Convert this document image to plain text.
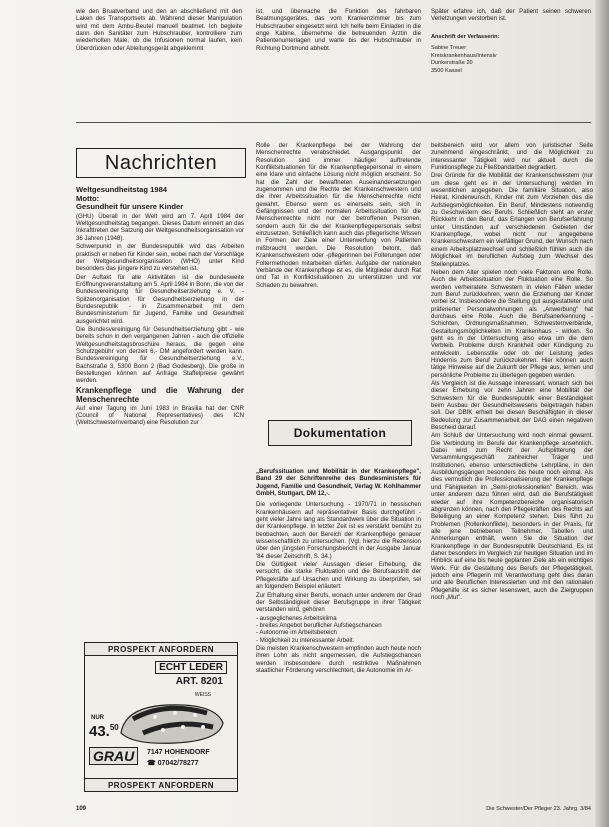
wie den Bruatverband und den an abschließend mit den Laken des Transportsets ab. Während dieser Manipulation wird mit dem Ambu-Beutel manuell beatmet. Ich begleite dann den Sanitäter zum Hubschrauber, kontrolliere zum wiederholten Male, ob die Infusionen normal laufen, kein Überdrücken oder Ableitungsgerät abgeklemmt

ist, und überwache die Funktion des fahrbaren Beatmungsgerätes, das vom Krankenzimmer bis zum Hubschrauber eingesetzt wird. Ich helfe beim Einladen in die enge Kabine, übernehme die betreuenden Ärztin die Patientenunterlagen und warte bis der Hubschrauber in Richtung Dortmund abhebt.

Später erfahre ich, daß der Patient seinen schweren Verletzungen verstorben ist.

Anschrift der Verfasserin:

Sabine Treuer

Kreiskrankenhaus/Intensiv

Dunkerstraße 20

3500 Kassel

Nachrichten

Weltgesundheitstag 1984
Motto:
Gesundheit für unsere Kinder

(GHU) Überall in der Welt wird am 7. April 1984 der Weltgesundheitstag begangen. Dieses Datum erinnert an das Inkrafttreten der Satzung der Weltgesundheitsorganisation vor 36 Jahren (1948).

Schwerpunkt in der Bundesrepublik wird das Arbeiten praktisch er neben für Kinder sein, wobei nach der Vorschläge der Weltgesundheitsorganisation (WHO) unter Kind besonders das jüngere Kind zu verstehen ist.

Der Auftakt für alle Aktivitäten ist die bundesweite Eröffnungsveranstaltung am 5. April 1984 in Bonn, die von der Bundesvereinigung für Gesundheitserziehung e. V. - Spitzenorganisation für Gesundheitserziehung in der Bundesrepublik - in Zusammenarbeit mit dem Bundesministerium für Jugend, Familie und Gesundheit ausgerichtet wird.

Die Bundesvereinigung für Gesundheitserziehung gibt - wie bereits schon in den vergangenen Jahren - auch die offizielle Weltgesundheitstagsbroschüre heraus, die gegen eine Schutzgebühr von derzeit 6,- DM angefordert werden kann. Bundesvereinigung für Gesundheitserziehung e.V., Bachstraße 3, 5300 Bonn 2 (Bad Godesberg). Die große in Bestellungen können auf Anfrage Staffelpreise gewährt werden.

Krankenpflege und die Wahrung der Menschenrechte

Auf einer Tagung im Juni 1983 in Brasilia hat der CNR (Council of National Representatives) des ICN (Weltschwesternverband) eine Resolution zur

PROSPEKT ANFORDERN
ECHT LEDER
ART. 8201
WEISS
NUR
43.50
GRAU	7147 HOHENDORF
☎ 07042/78277
PROSPEKT ANFORDERN

Rolle der Krankenpflege bei der Wahrung der Menschenrechte verabschiedet. Ausgangspunkt der Resolution sind immer häufiger auftretende Konfliktsituationen für die Krankenpflegepersonal in einem eine klare und einfache Lösung nicht möglich erscheint. So hat die Zahl der bewaffneten Auseinandersetzungen zugenommen und die Rechte der Krankenschwestern und die ihrer Arbeitssituation für die Menschenrechte nicht gewahrt. Ebenso wenn es einerseits sein, sich in Gefängnissen und der normalen Arbeitssituation für die Menschenrechte nicht nur der betroffenen Personen, sondern auch für die der Krankenpflegepersonals selbst einzusetzen. Schließlich kann auch das pflegerische Wissen in Formen der Ziele einer Unterwerfung von Patienten mißbraucht werden. Die Resolution betont, daß Krankenschwestern oder -pflegerinnen bei Folterungen oder Foltermethoden mitarbeiten dürfen. Aufgabe der nationalen Verbände der Krankenpflege ist es, die Mitglieder durch Rat und Tat in Konfliktsituationen zu unterstützen und vor Schaden zu bewahren.

Dokumentation

„Berufssituation und Mobilität in der Krankenpflege", Band 29 der Schriftenreihe des Bundesministers für Jugend, Familie und Gesundheit, Verlag W. Kohlhammer GmbH, Stuttgart, DM 12,-.

Die vorliegende Untersuchung - 1970/71 in hessischen Krankenhäusern auf repräsentativer Basis durchgeführt - geht vieler Jahre lang als Standardwerk über die Situation in der Krankenpflege. In letzter Zeit ist es verstärkt bemüht zu beobachten, auch der Bereich der Krankenpflege genauer wissenschaftlich zu untersuchen. (Vgl. hierzu die Rezension über den jüngsten Forschungsbericht in der Ausgabe Januar '84 dieser Zeitschrift, S. 34.)

Die Gültigkeit vieler Aussagen dieser Erhebung, die versucht, die starke Fluktuation und die Berufsaustritt der Pflegekräfte auf Ursachen und Wirkung zu überprüfen, sei an folgendem Beispiel erläutert:

Zur Erhaltung einer Berufs, wonach unter anderem der Grad der Selbständigkeit dieser Berufsgruppe in ihrer Tätigkeit verstanden wird, gehören

- ausgeglichenes Arbeitsklima
- breites Angebot beruflicher Aufstiegschancen
- Autonomie im Arbeitsbereich
- Möglichkeit zu interessanter Arbeit.

Die meisten Krankenschwestern empfinden auch heute noch ihren Lohn als nicht angemessen, die Aufstiegschancen werden insbesondere durch restriktive Maßnahmen staatlicher Förderung verschlechtert, die Autonomie im Ar-

beitsbereich wird vor allem von juristischer Seite zunehmend eingeschränkt, und die Möglichkeit zu interessanter Tätigkeit wird nur aktuell durch die Funktionspflege zu Fließbandarbeit degradiert.

Drei Gründe für die Mobilität der Krankenschwestern (nur um diese geht es in der Untersuchung) werden im wesentlichen angegeben. Die familiäre Situation, also Heirat, Kinderwunsch, Kinder mit zum Vorziehen des die Aufstiegsmöglichkeiten. Ein Beruf, Mindestens notwendig zu Geschwistern des Berufs. Schließlich steht an erster Rückkehr in den Beruf, das Erlangen von Berufserfahrung unter Umständen auf verschiedenen Gebieten der Krankenpflege, wobei nicht nur angegebene Krankenschwestern ein vielfältiger Grund, der Wunsch nach einem Arbeitsplatzwechsel und schließlich fühlen auch die Möglichkeit im beruflichen Aufstieg zum Wechsel des Stellenplatzes.

Neben dem Alter spielen noch viele Faktoren eine Rolle. Auch die Arbeitssituation der Fluktuation eine Rolle. So werden verheiratete Schwestern in vielen Fällen wieder zum Beruf zurückkehren, wenn die Erziehung der Kinder vorbei ist. Insbesondere die Stellung gut ausgestatteter und präferierter Personalwohnungen als „Anwerbung" hat durchaus eine Rolle. Auch die Berufsanerkennung - Schichten, Ordnungsmaßnahmen, Schwesternverbände, Gestaltungsmöglichkeiten im Krankenhaus - wirken. So geht es in der Untersuchung also etwa um die dem Verbleib. Probleme durch Krankheit oder Kündigung zu entwickeln. Lebensstile oder ob der Leistung jedes Hindernis zum Beruf zurückzukehren. Hier können auch tätige Hinweise auf die Zukunft der Pflege aus, lernen und persönliche Probleme zu überlegen gegeben werden.

Als Vergleich ist die Aussage interessant, wonach sich bei dieser Erhebung vor zehn Jahren eine Mobilität der Schwestern für die Bundesrepublik einer Beständigkeit beim Ausbau der Gesundheitswesens beigetragen haben soll. Der DBfK erhielt bei diesen Beschäftigten in dieser Bedeutung zur Zusammenarbeit der DAG einen negativen Bescheid darauf.

Am Schluß der Untersuchung wird noch einmal gewarnt. Die Verbindung im Berufe der Krankenpflege ansehnlich. Dabei wird zum Recht der Aufsplitterung der Versammlungsgeschäft zahlreicher Träger und Institutionen, ebenso unterschiedliche Lehrpläne, in den Ausbildungsgängen besonders bis heute noch einmal. Als dies vermutlich die Professionalisierung der Krankenpflege und Fähigkeiten im „Semi-professionellen" Bereich, was unter anderem dazu führen wird, daß die Berufstätigkeit wieder auf ihre Kompetenzbereiche organisatorisch abgrenzen können, nach den Pflegekräften des Rechts auf Beteiligung an einer Kompetenz stehen. Dies führt zu Problemen (Rollenkonflikte), besonders in der Praxis, für alle jene betriebenen Teilnehmer, Tabellen und Anmerkungen enthält, wenn Sie die Situation der Krankenpflege in der Bundesrepublik Deutschland. Es ist daher besonders im Vergleich zur heutigen Situation und im Hinblick auf eine bis heute geplanten Ziele als ein wichtiges Werk. Für die Gestaltung des Berufs der Pflegetätigkeit, jedoch eine Pflegerin mit Verantwortung geht dies daran und alle Beruflichen Interessierten und mit den rationalen Pflegehilfe ist es sicher lesenswert, auch die Zielgruppen noch „Mut".

109	Die Schwester/Der Pfleger 23. Jahrg. 3/84
